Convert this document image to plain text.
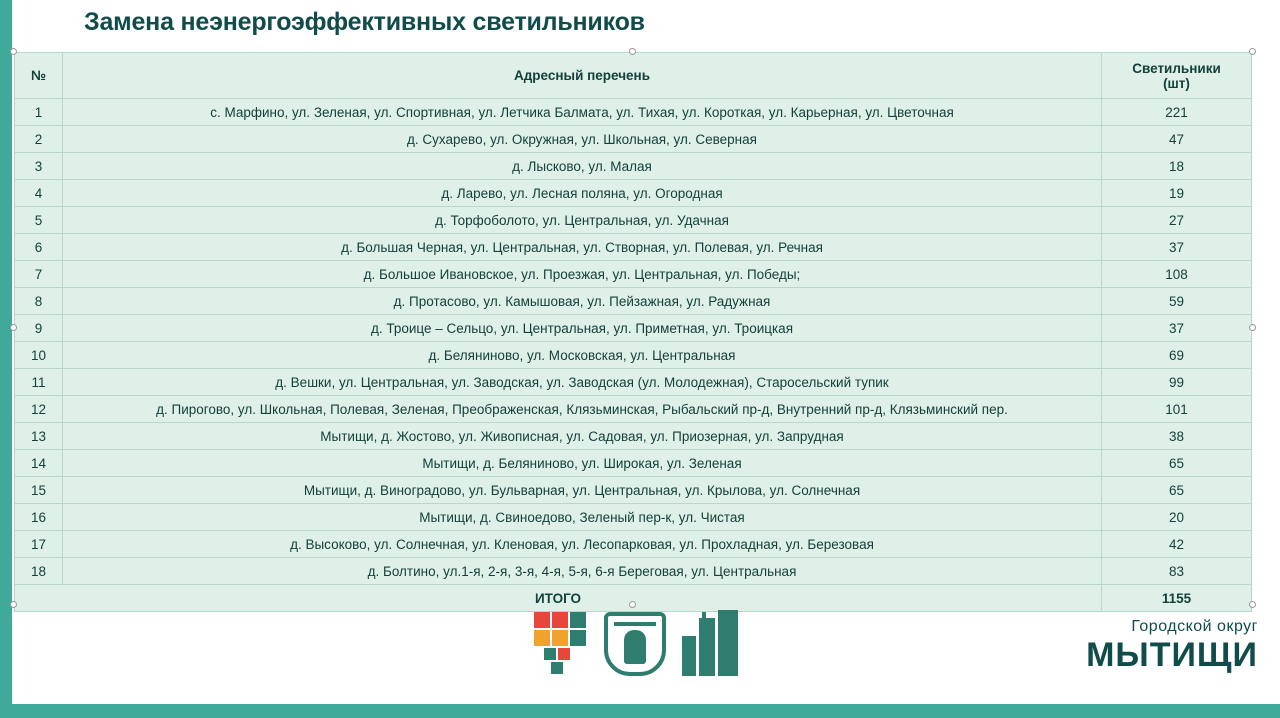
Замена неэнергоэффективных светильников
№	Адресный перечень	Светильники
(шт)

1	с. Марфино, ул. Зеленая, ул. Спортивная, ул. Летчика Балмата, ул. Тихая, ул. Короткая, ул. Карьерная, ул. Цветочная	221
2	д. Сухарево, ул. Окружная, ул. Школьная, ул. Северная	47
3	д. Лысково, ул. Малая	18
4	д. Ларево, ул. Лесная поляна, ул. Огородная	19
5	д. Торфоболото, ул. Центральная, ул. Удачная	27
6	д. Большая Черная, ул. Центральная, ул. Створная, ул. Полевая, ул. Речная	37
7	д. Большое Ивановское, ул. Проезжая, ул. Центральная, ул. Победы;	108
8	д. Протасово, ул. Камышовая, ул. Пейзажная, ул. Радужная	59
9	д. Троице – Сельцо, ул. Центральная, ул. Приметная, ул. Троицкая	37
10	д. Беляниново, ул. Московская, ул. Центральная	69
11	д. Вешки, ул. Центральная, ул. Заводская, ул. Заводская (ул. Молодежная), Старосельский тупик	99
12	д. Пирогово, ул. Школьная, Полевая, Зеленая, Преображенская, Клязьминская, Рыбальский пр-д, Внутренний пр-д, Клязьминский пер.	101
13	Мытищи, д. Жостово, ул. Живописная, ул. Садовая, ул. Приозерная, ул. Запрудная	38
14	Мытищи, д. Беляниново, ул. Широкая, ул. Зеленая	65
15	Мытищи, д. Виноградово, ул. Бульварная, ул. Центральная, ул. Крылова, ул. Солнечная	65
16	Мытищи, д. Свиноедово, Зеленый пер-к, ул. Чистая	20
17	д. Высоково, ул. Солнечная, ул. Кленовая, ул. Лесопарковая, ул. Прохладная, ул. Березовая	42
18	д. Болтино, ул.1-я, 2-я, 3-я, 4-я, 5-я, 6-я Береговая, ул. Центральная	83
ИТОГО		1155
Городской округ
МЫТИЩИ
